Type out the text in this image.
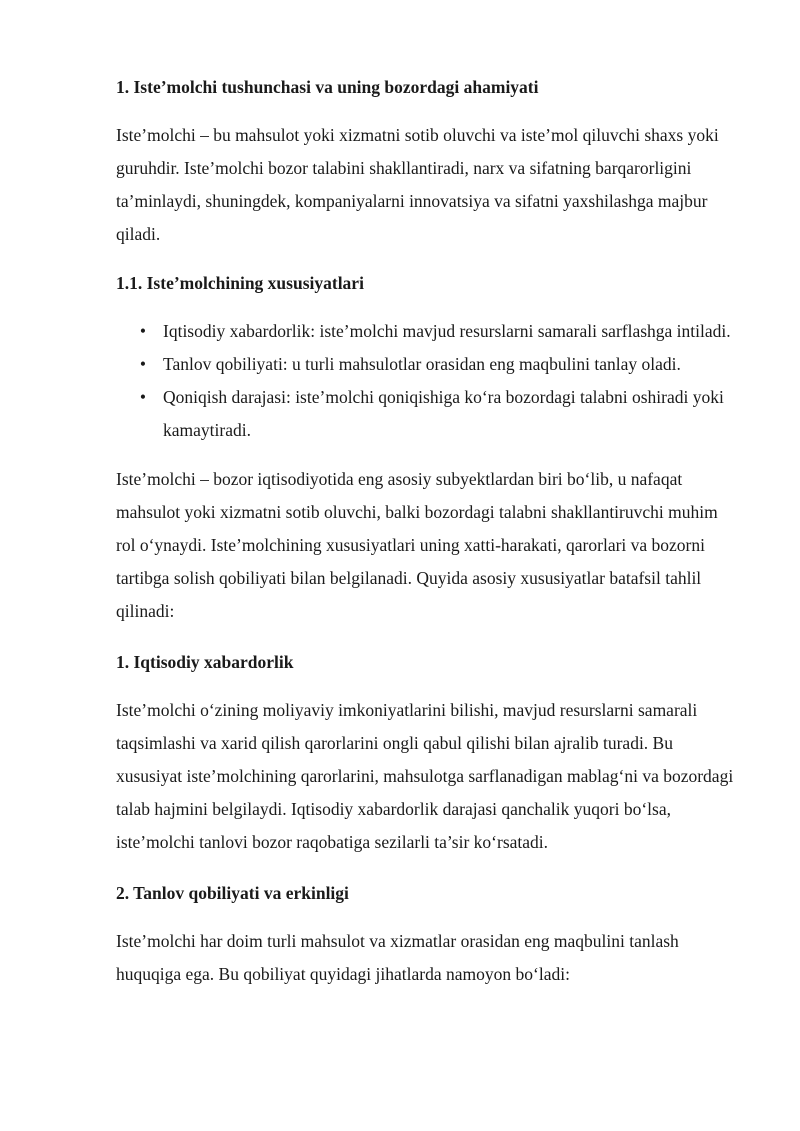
1. Iste’molchi tushunchasi va uning bozordagi ahamiyati

Iste’molchi – bu mahsulot yoki xizmatni sotib oluvchi va iste’mol qiluvchi shaxs yoki guruhdir. Iste’molchi bozor talabini shakllantiradi, narx va sifatning barqarorligini ta’minlaydi, shuningdek, kompaniyalarni innovatsiya va sifatni yaxshilashga majbur qiladi.

1.1. Iste’molchining xususiyatlari
• Iqtisodiy xabardorlik: iste’molchi mavjud resurslarni samarali sarflashga intiladi.
• Tanlov qobiliyati: u turli mahsulotlar orasidan eng maqbulini tanlay oladi.
• Qoniqish darajasi: iste’molchi qoniqishiga ko‘ra bozordagi talabni oshiradi yoki kamaytiradi.

Iste’molchi – bozor iqtisodiyotida eng asosiy subyektlardan biri bo‘lib, u nafaqat mahsulot yoki xizmatni sotib oluvchi, balki bozordagi talabni shakllantiruvchi muhim rol o‘ynaydi. Iste’molchining xususiyatlari uning xatti-harakati, qarorlari va bozorni tartibga solish qobiliyati bilan belgilanadi. Quyida asosiy xususiyatlar batafsil tahlil qilinadi:

1. Iqtisodiy xabardorlik

Iste’molchi o‘zining moliyaviy imkoniyatlarini bilishi, mavjud resurslarni samarali taqsimlashi va xarid qilish qarorlarini ongli qabul qilishi bilan ajralib turadi. Bu xususiyat iste’molchining qarorlarini, mahsulotga sarflanadigan mablag‘ni va bozordagi talab hajmini belgilaydi. Iqtisodiy xabardorlik darajasi qanchalik yuqori bo‘lsa, iste’molchi tanlovi bozor raqobatiga sezilarli ta’sir ko‘rsatadi.

2. Tanlov qobiliyati va erkinligi

Iste’molchi har doim turli mahsulot va xizmatlar orasidan eng maqbulini tanlash huquqiga ega. Bu qobiliyat quyidagi jihatlarda namoyon bo‘ladi:
